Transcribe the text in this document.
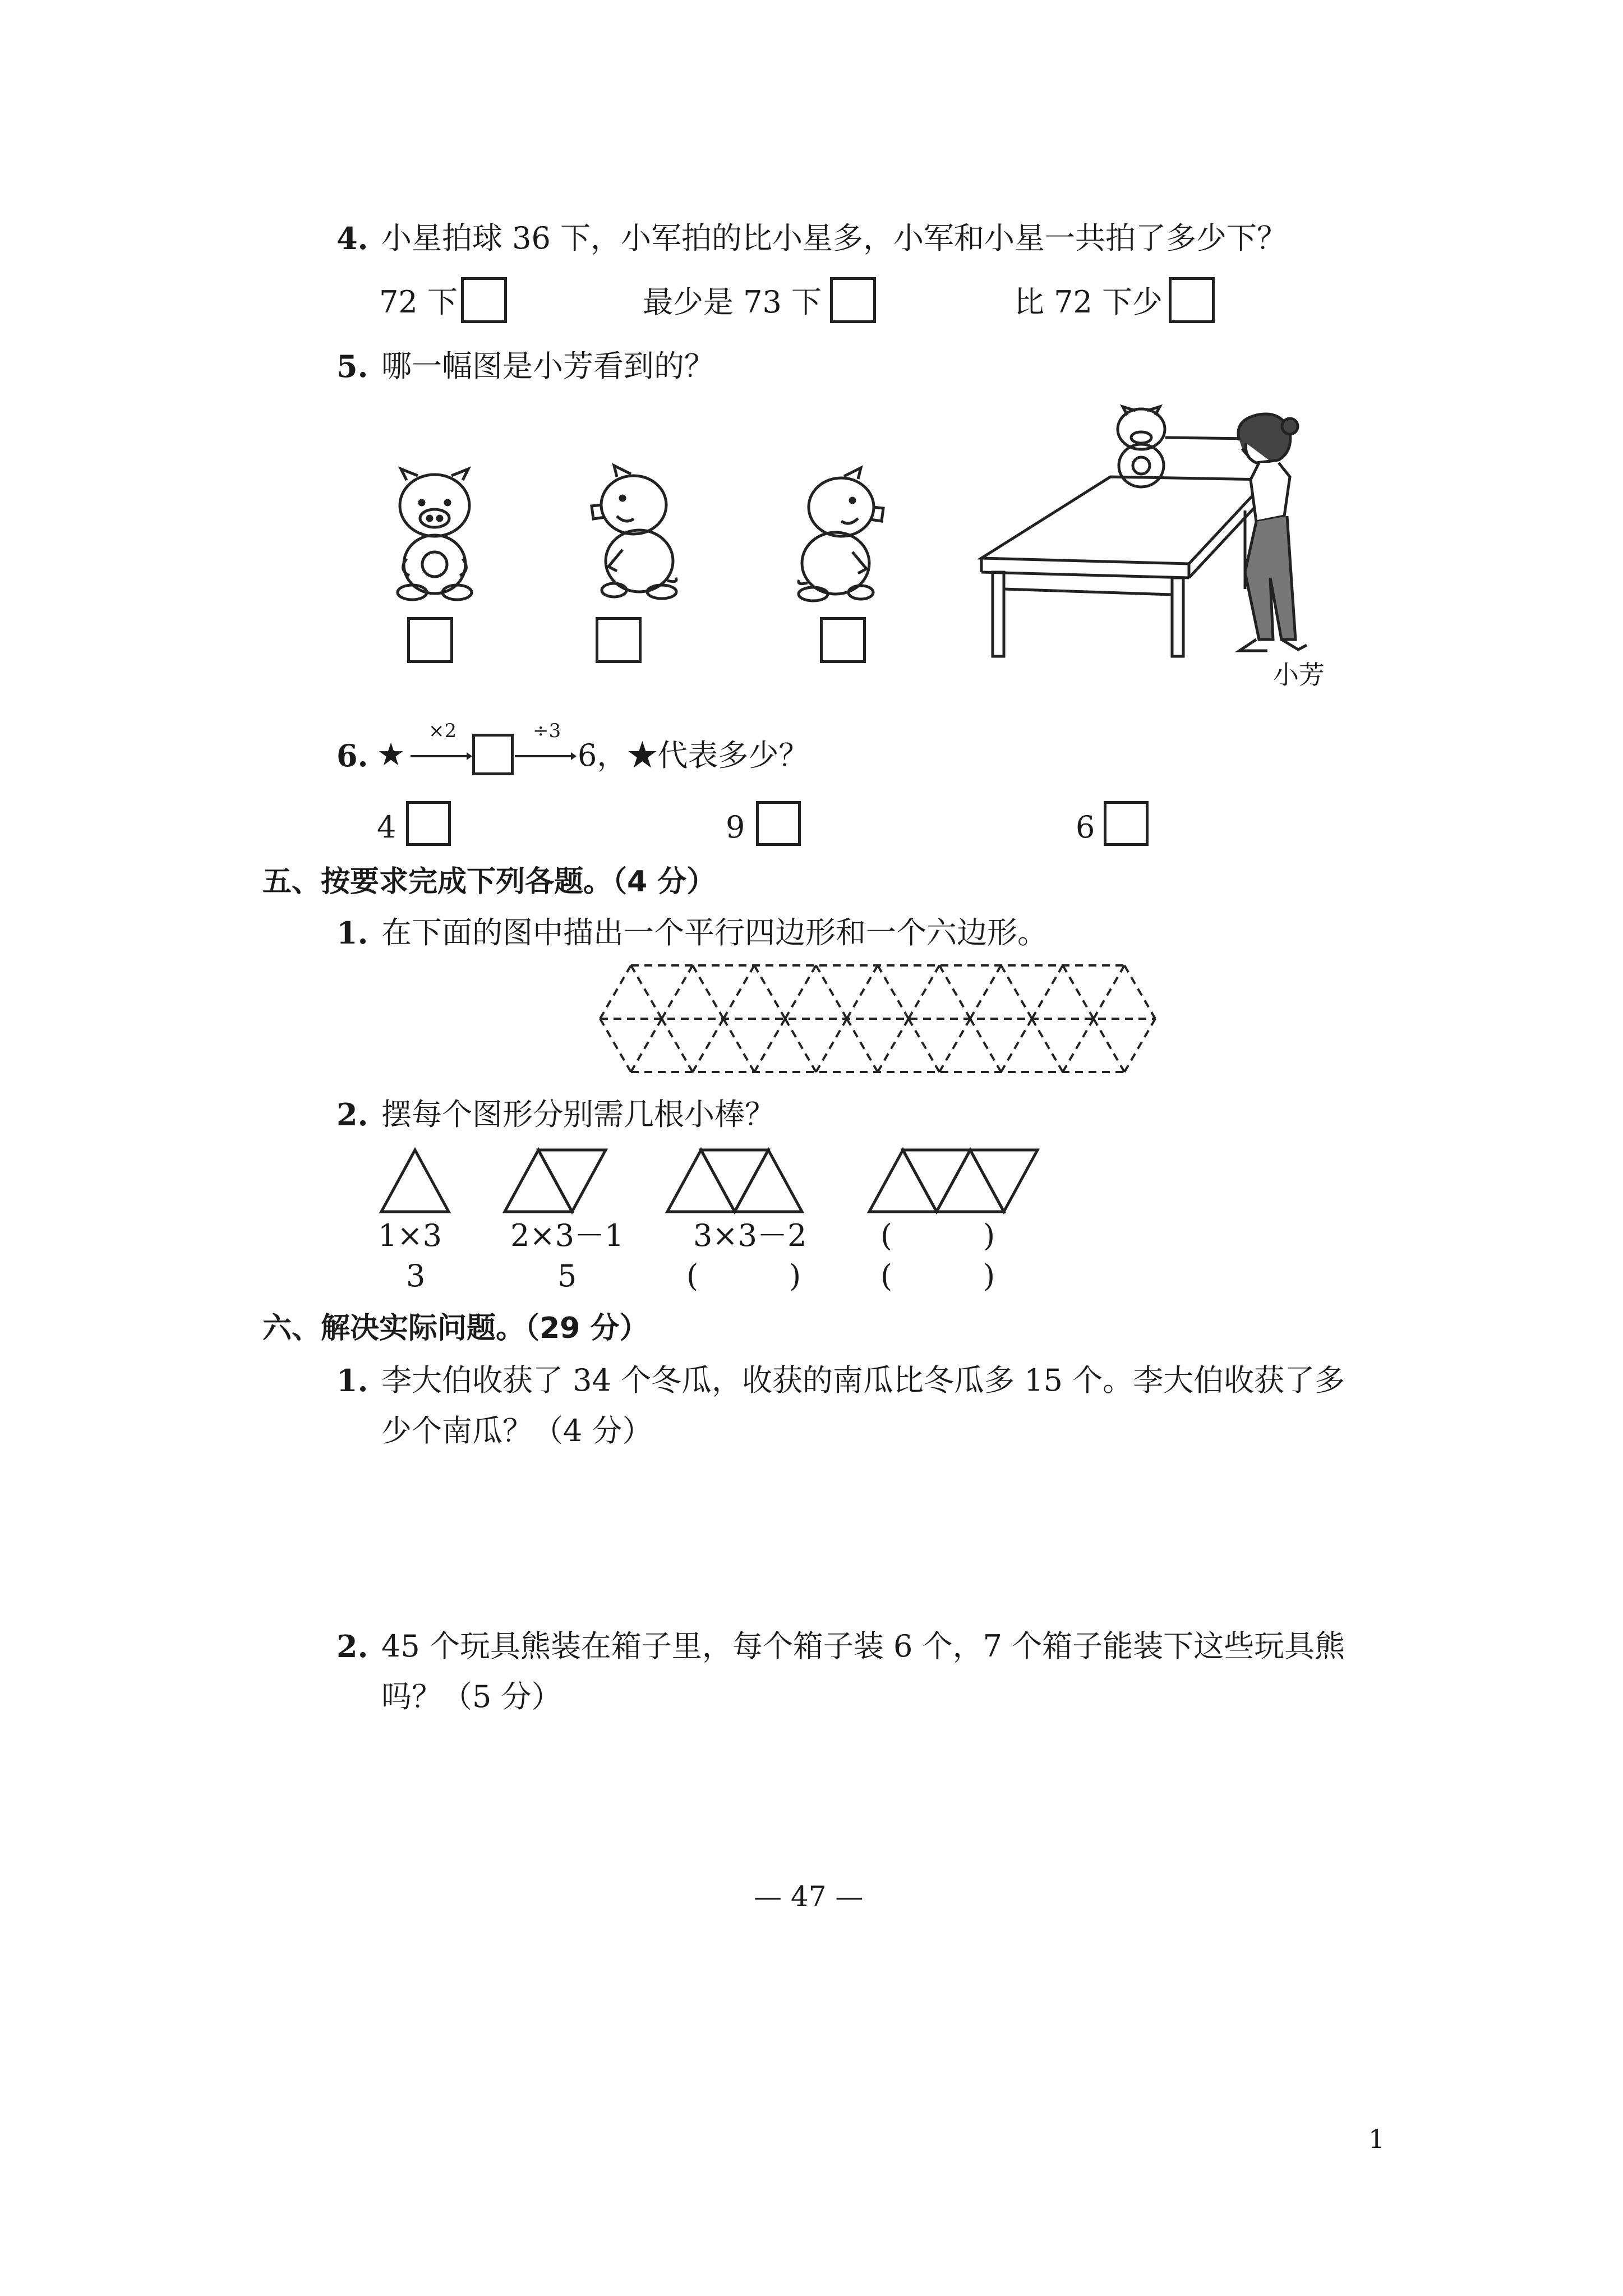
4. 小星拍球 36 下，小军拍的比小星多，小军和小星一共拍了多少下？
72 下	最少是 73 下	比 72 下少
5. 哪一幅图是小芳看到的？
小芳
6. ★
×2	÷3
6，★代表多少？
4	9	6
五、按要求完成下列各题。（4 分）
1. 在下面的图中描出一个平行四边形和一个六边形。
2. 摆每个图形分别需几根小棒？
1×3 2×3－1 3×3－2 (　　　)
3	5	(　　　)	(　　　)
六、解决实际问题。（29 分）
1. 李大伯收获了 34 个冬瓜，收获的南瓜比冬瓜多 15 个。李大伯收获了多
少个南瓜？（4 分）
2. 45 个玩具熊装在箱子里，每个箱子装 6 个，7 个箱子能装下这些玩具熊
吗？（5 分）
— 47 —
1
